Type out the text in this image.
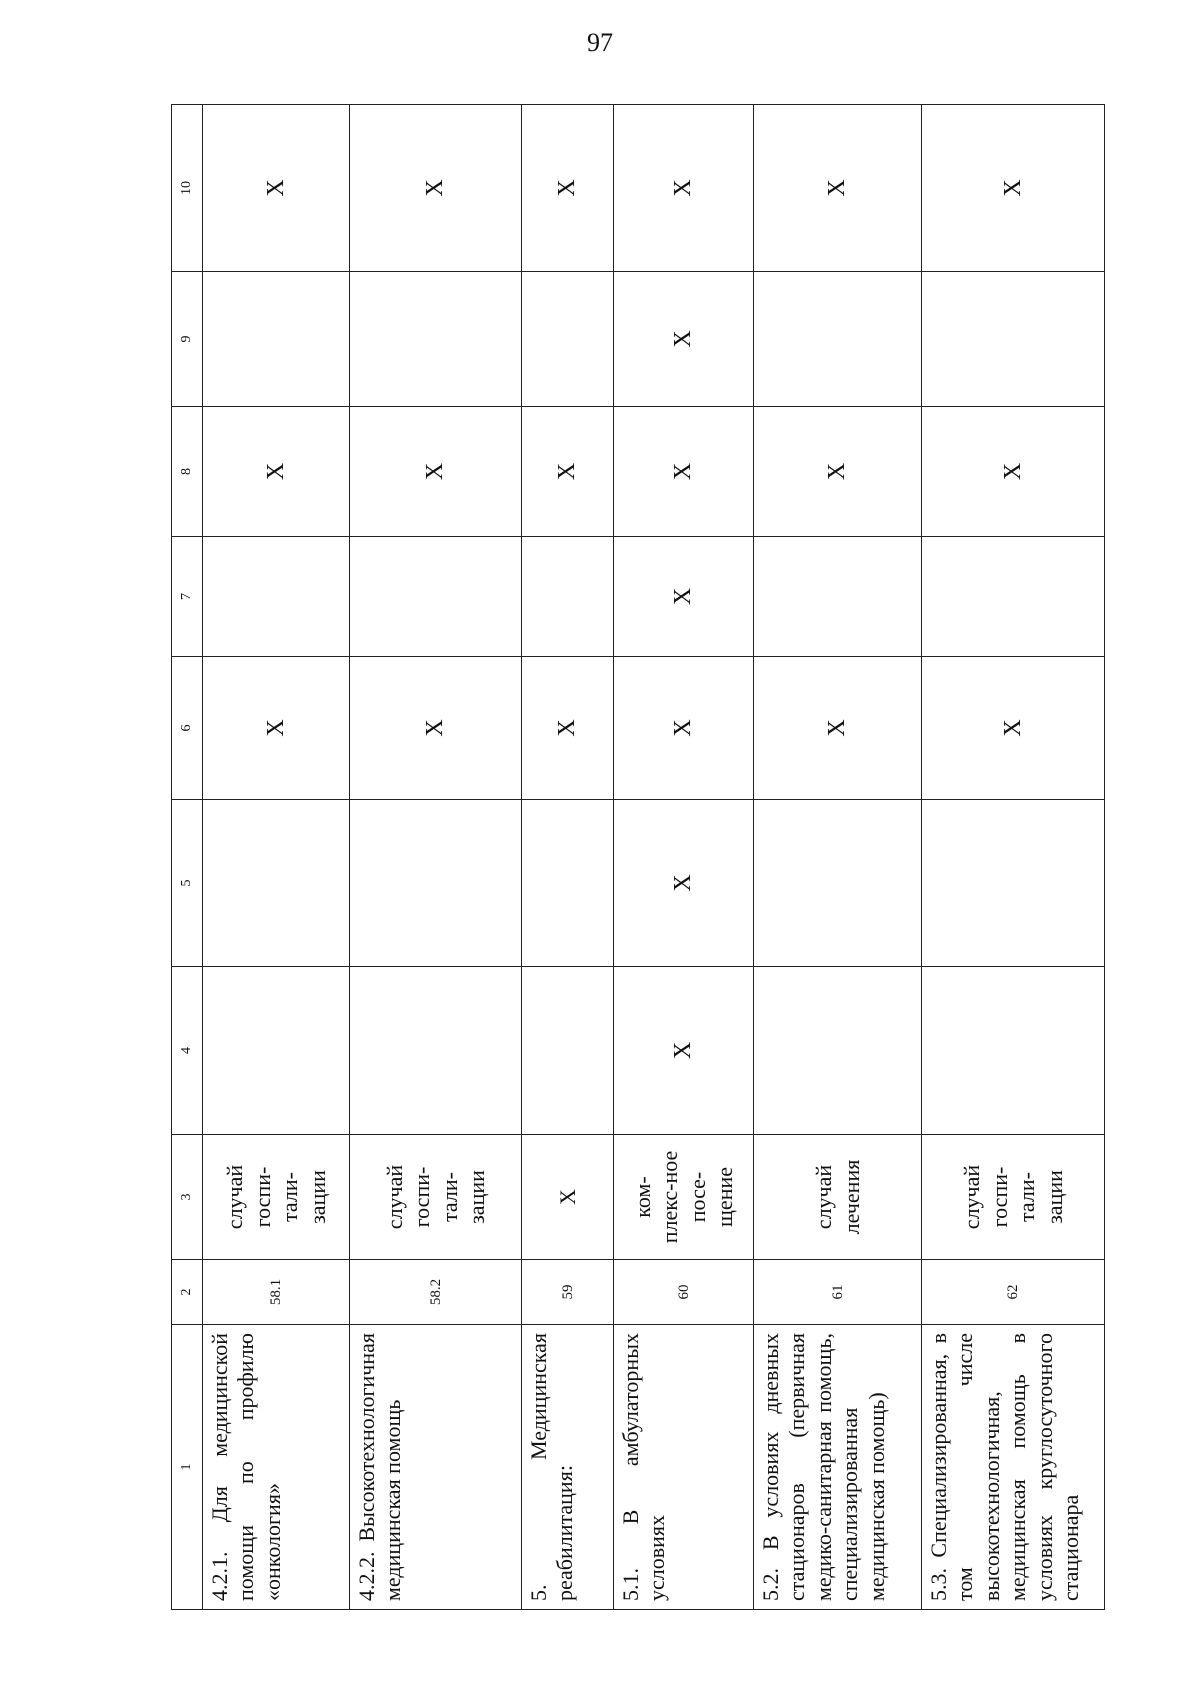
97
1	2	3	4	5	6	7	8	9	10
4.2.1. Для медицинской помощи по профилю «онкология»	58.1	случай госпи-тали-зации			X		X		X
4.2.2. Высокотехнологичная медицинская помощь	58.2	случай госпи-тали-зации			X		X		X
5. Медицинская реабилитация:	59	X			X		X		X
5.1. В амбулаторных условиях	60	ком-плекс-ное посе-щение	X	X	X	X	X	X	X
5.2. В условиях дневных стационаров (первичная медико-санитарная помощь, специализированная медицинская помощь)	61	случай лечения			X		X		X
5.3. Специализированная, в том числе высокотехнологичная, медицинская помощь в условиях круглосуточного стационара	62	случай госпи-тали-зации			X		X		X
